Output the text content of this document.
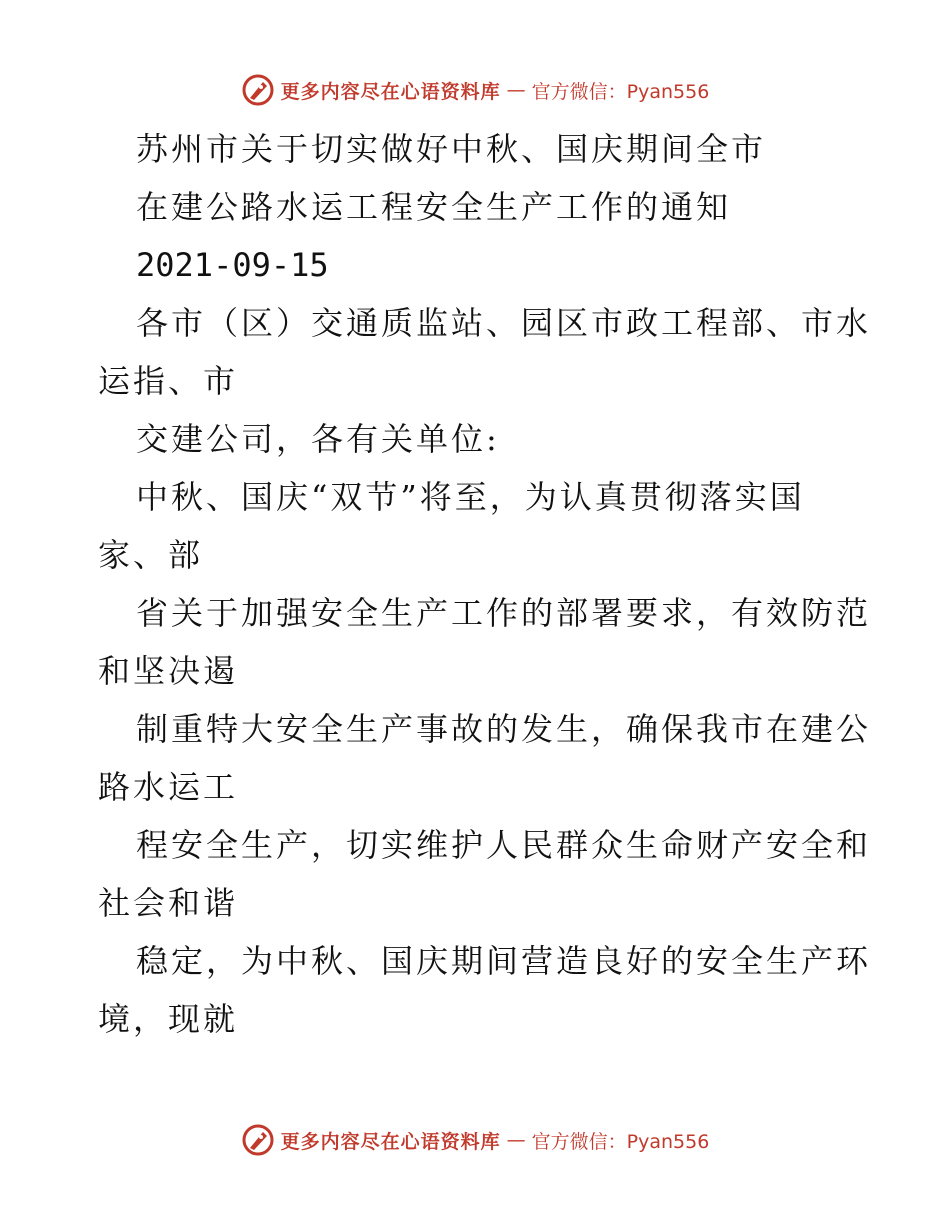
更多内容尽在心语资料库 — 官方微信：Pyan556
苏州市关于切实做好中秋、国庆期间全市
在建公路水运工程安全生产工作的通知
2021-09-15
各市（区）交通质监站、园区市政工程部、市水
运指、市
交建公司，各有关单位:
中秋、国庆“双节”将至，为认真贯彻落实国
家、部
省关于加强安全生产工作的部署要求，有效防范
和坚决遏
制重特大安全生产事故的发生，确保我市在建公
路水运工
程安全生产，切实维护人民群众生命财产安全和
社会和谐
稳定，为中秋、国庆期间营造良好的安全生产环
境，现就
更多内容尽在心语资料库 — 官方微信：Pyan556
